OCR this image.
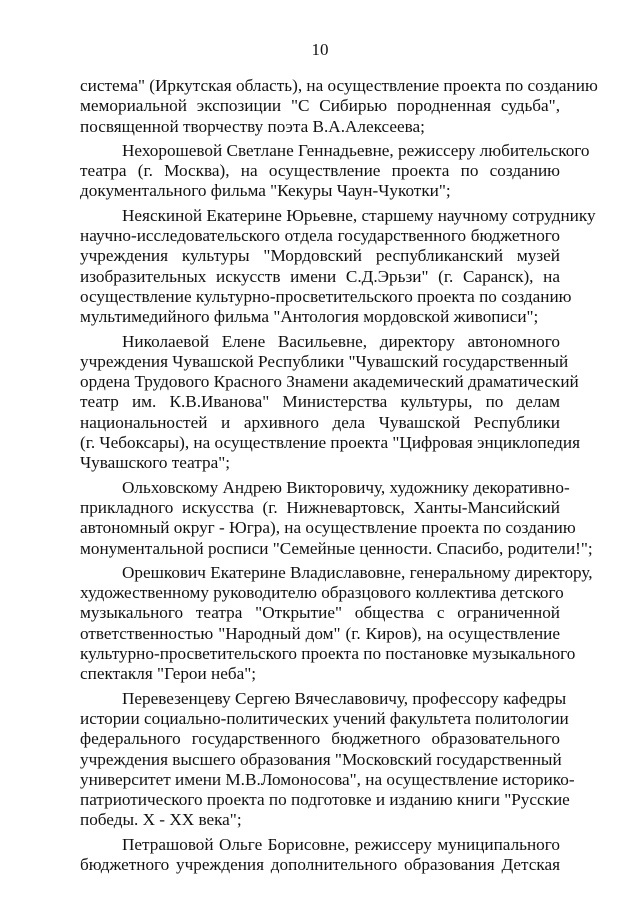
10
система" (Иркутская область), на осуществление проекта по созданию
мемориальной экспозиции "С Сибирью породненная судьба",
посвященной творчеству поэта В.А.Алексеева;
Нехорошевой Светлане Геннадьевне, режиссеру любительского
театра (г. Москва), на осуществление проекта по созданию
документального фильма "Кекуры Чаун-Чукотки";
Неяскиной Екатерине Юрьевне, старшему научному сотруднику
научно-исследовательского отдела государственного бюджетного
учреждения культуры "Мордовский республиканский музей
изобразительных искусств имени С.Д.Эрьзи" (г. Саранск), на
осуществление культурно-просветительского проекта по созданию
мультимедийного фильма "Антология мордовской живописи";
Николаевой Елене Васильевне, директору автономного
учреждения Чувашской Республики "Чувашский государственный
ордена Трудового Красного Знамени академический драматический
театр им. К.В.Иванова" Министерства культуры, по делам
национальностей и архивного дела Чувашской Республики
(г. Чебоксары), на осуществление проекта "Цифровая энциклопедия
Чувашского театра";
Ольховскому Андрею Викторовичу, художнику декоративно-
прикладного искусства (г. Нижневартовск, Ханты-Мансийский
автономный округ - Югра), на осуществление проекта по созданию
монументальной росписи "Семейные ценности. Спасибо, родители!";
Орешкович Екатерине Владиславовне, генеральному директору,
художественному руководителю образцового коллектива детского
музыкального театра "Открытие" общества с ограниченной
ответственностью "Народный дом" (г. Киров), на осуществление
культурно-просветительского проекта по постановке музыкального
спектакля "Герои неба";
Перевезенцеву Сергею Вячеславовичу, профессору кафедры
истории социально-политических учений факультета политологии
федерального государственного бюджетного образовательного
учреждения высшего образования "Московский государственный
университет имени М.В.Ломоносова", на осуществление историко-
патриотического проекта по подготовке и изданию книги "Русские
победы. X - XX века";
Петрашовой Ольге Борисовне, режиссеру муниципального
бюджетного учреждения дополнительного образования Детская
